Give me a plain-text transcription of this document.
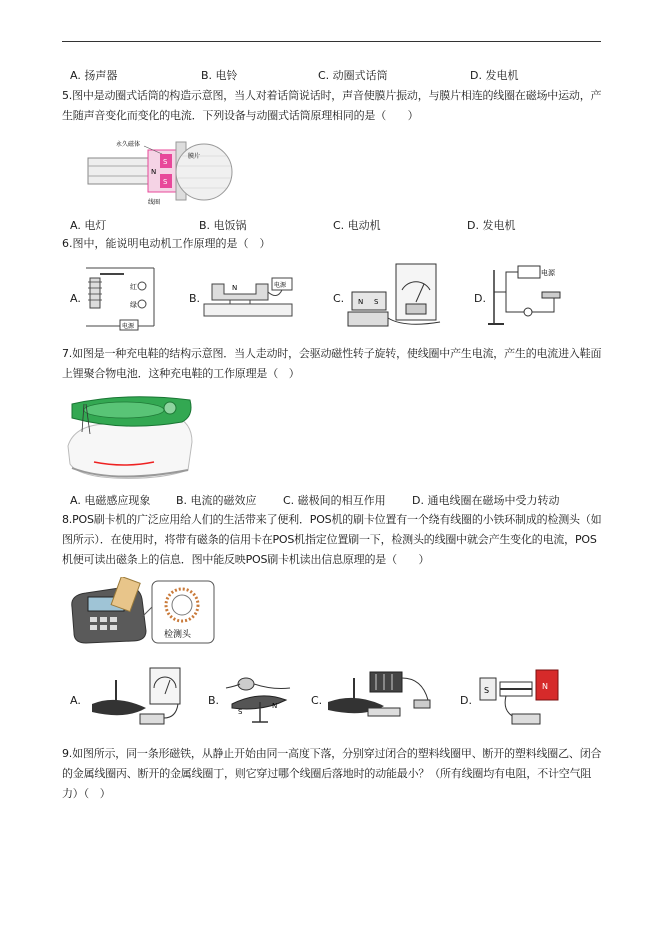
A. 扬声器	B. 电铃	C. 动圈式话筒	D. 发电机
5.图中是动圈式话筒的构造示意图，当人对着话筒说话时，声音使膜片振动，与膜片相连的线圈在磁场中运动，产生随声音变化而变化的电流．下列设备与动圈式话筒原理相同的是（　　）
永久磁体
膜片
线圈
S
N
S
A. 电灯	B. 电饭锅	C. 电动机	D. 发电机
6.图中，能说明电动机工作原理的是（　）
A.
红
绿
电源
B.
N	电源
C. N S	D.
电源
7.如图是一种充电鞋的结构示意图．当人走动时，会驱动磁性转子旋转，使线圈中产生电流，产生的电流进入鞋面上锂聚合物电池．这种充电鞋的工作原理是（　）
A. 电磁感应现象 B. 电流的磁效应 C. 磁极间的相互作用 D. 通电线圈在磁场中受力转动
8.POS刷卡机的广泛应用给人们的生活带来了便利．POS机的刷卡位置有一个绕有线圈的小铁环制成的检测头（如图所示）．在使用时，将带有磁条的信用卡在POS机指定位置刷一下，检测头的线圈中就会产生变化的电流，POS机便可读出磁条上的信息．图中能反映POS刷卡机读出信息原理的是（　　）
检测头
A.	B.
S
N	C.	D.
S	N
9.如图所示，同一条形磁铁，从静止开始由同一高度下落，分别穿过闭合的塑料线圈甲、断开的塑料线圈乙、闭合的金属线圈丙、断开的金属线圈丁，则它穿过哪个线圈后落地时的动能最小？（所有线圈均有电阻，不计空气阻力）（　）
